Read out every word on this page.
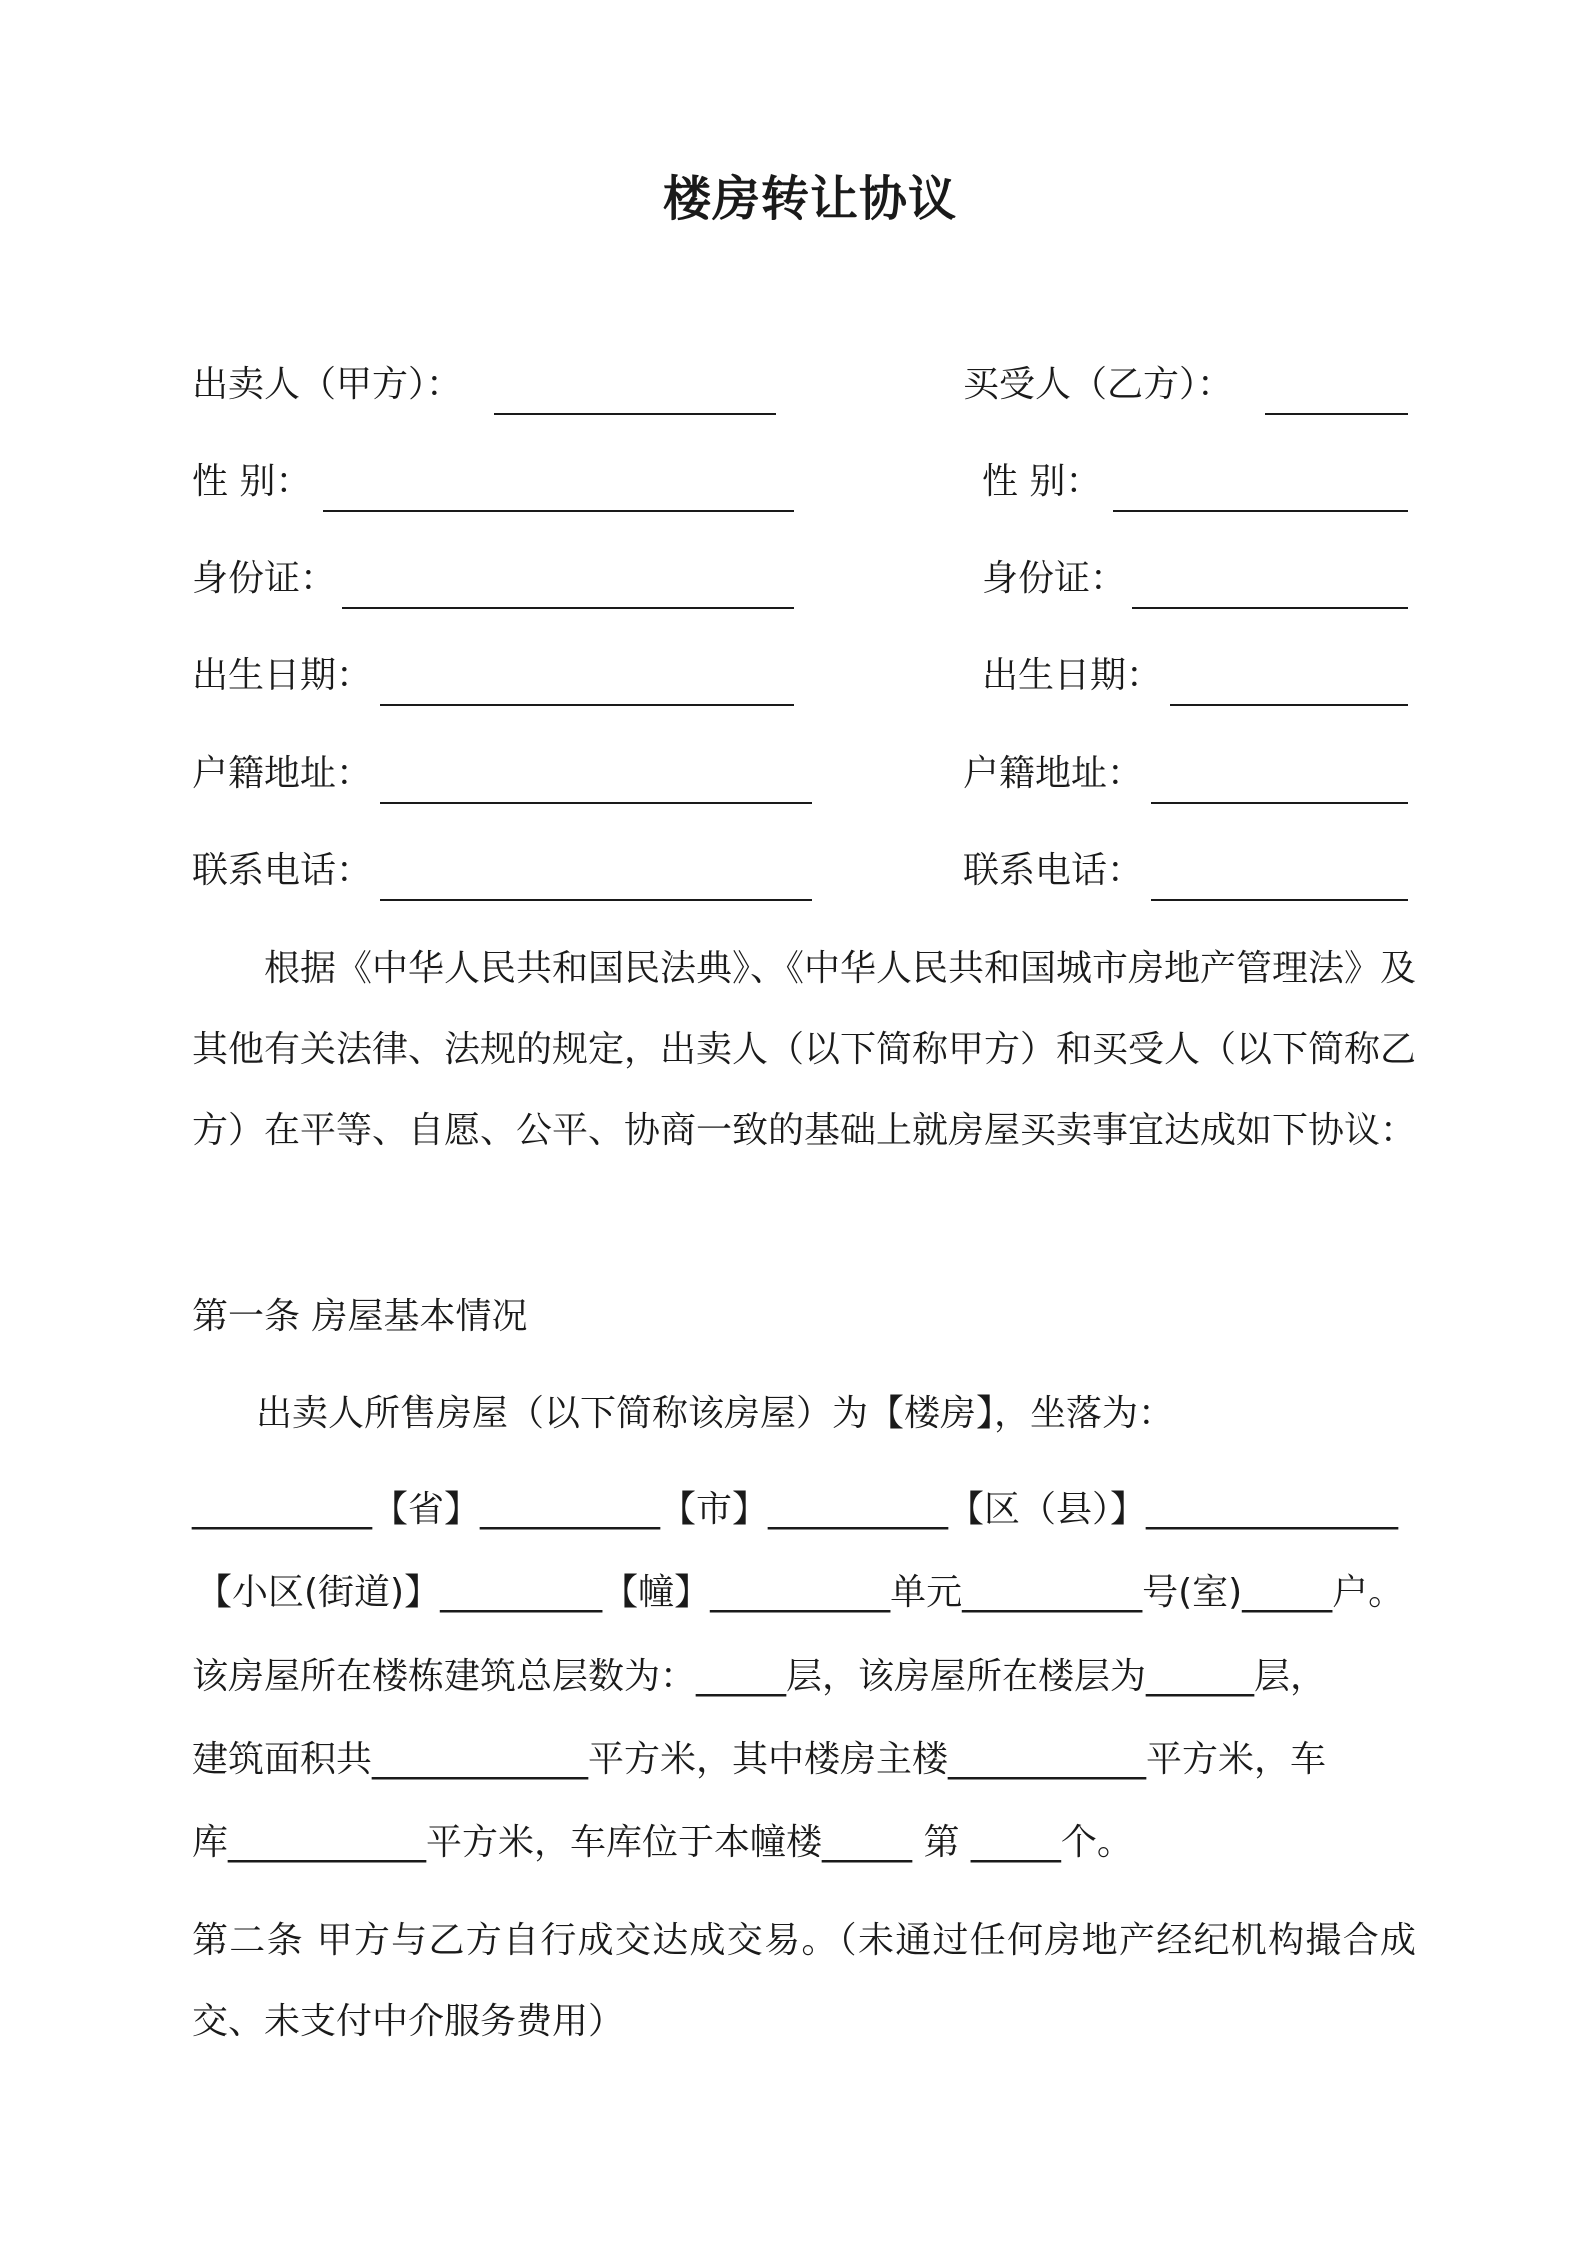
楼房转让协议
出卖人（甲方）：
性 别：
身份证：
出生日期：
户籍地址：
联系电话：
买受人（乙方）：
性 别：
身份证：
出生日期：
户籍地址：
联系电话：
根据《中华人民共和国民法典》、《中华人民共和国城市房地产管理法》及其他有关法律、法规的规定，出卖人（以下简称甲方）和买受人（以下简称乙方）在平等、自愿、公平、协商一致的基础上就房屋买卖事宜达成如下协议：
第一条 房屋基本情况
出卖人所售房屋（以下简称该房屋）为【楼房】，坐落为：
__________【省】__________【市】__________【区（县）】______________
【小区(街道)】_________【幢】__________单元__________号(室)_____户。
该房屋所在楼栋建筑总层数为：_____层，该房屋所在楼层为______层，
建筑面积共____________平方米，其中楼房主楼___________平方米，车
库___________平方米，车库位于本幢楼_____ 第 _____个。
第二条 甲方与乙方自行成交达成交易。（未通过任何房地产经纪机构撮合成交、未支付中介服务费用）
